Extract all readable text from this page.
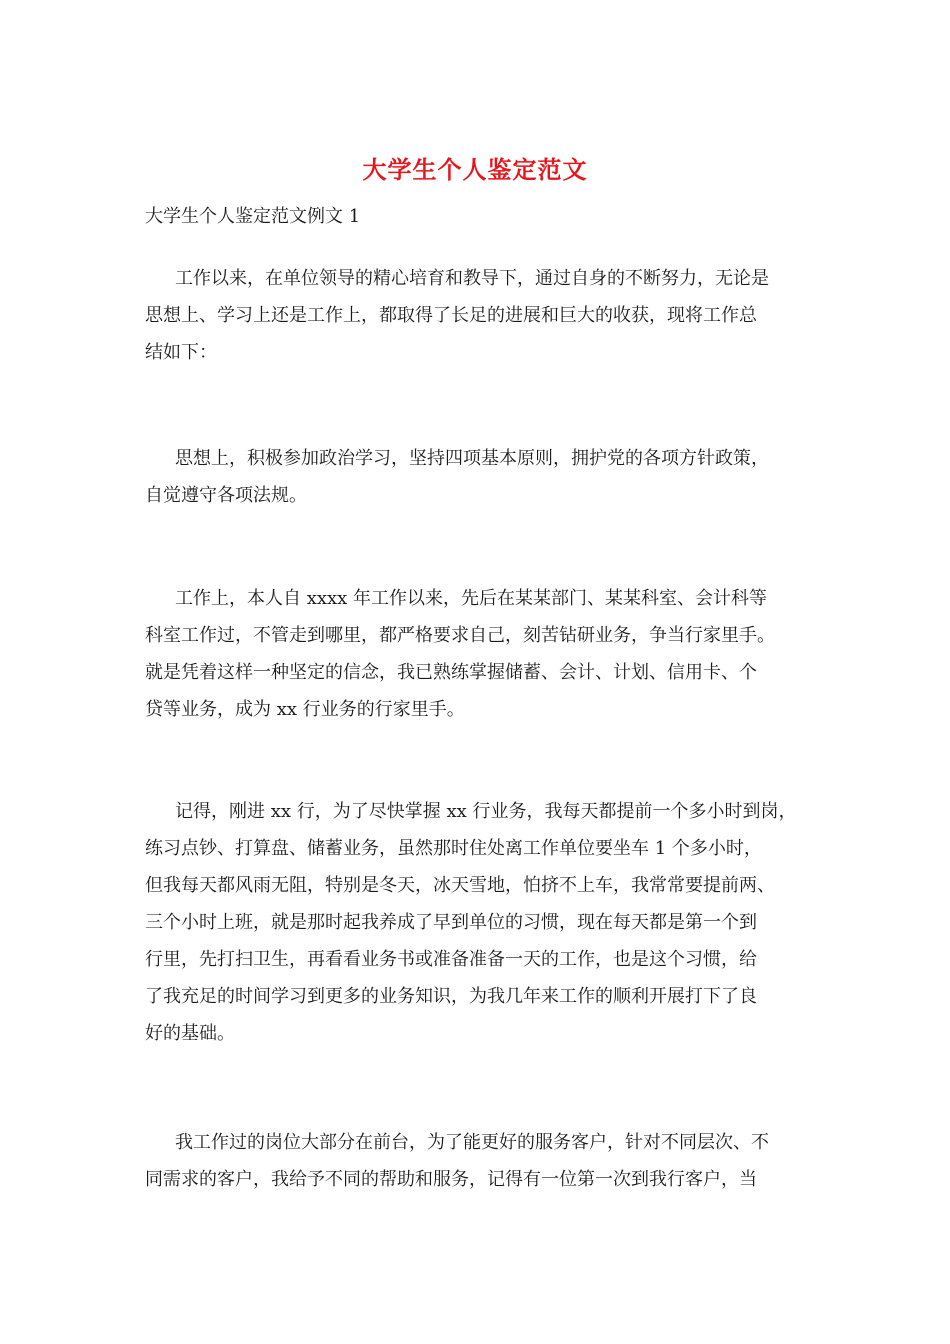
大学生个人鉴定范文

大学生个人鉴定范文例文 1

工作以来，在单位领导的精心培育和教导下，通过自身的不断努力，无论是
思想上、学习上还是工作上，都取得了长足的进展和巨大的收获，现将工作总
结如下：
思想上，积极参加政治学习，坚持四项基本原则，拥护党的各项方针政策，
自觉遵守各项法规。
工作上，本人自 xxxx 年工作以来，先后在某某部门、某某科室、会计科等
科室工作过，不管走到哪里，都严格要求自己，刻苦钻研业务，争当行家里手。
就是凭着这样一种坚定的信念，我已熟练掌握储蓄、会计、计划、信用卡、个
贷等业务，成为 xx 行业务的行家里手。
记得，刚进 xx 行，为了尽快掌握 xx 行业务，我每天都提前一个多小时到岗，
练习点钞、打算盘、储蓄业务，虽然那时住处离工作单位要坐车 1 个多小时，
但我每天都风雨无阻，特别是冬天，冰天雪地，怕挤不上车，我常常要提前两、
三个小时上班，就是那时起我养成了早到单位的习惯，现在每天都是第一个到
行里，先打扫卫生，再看看业务书或准备准备一天的工作，也是这个习惯，给
了我充足的时间学习到更多的业务知识，为我几年来工作的顺利开展打下了良
好的基础。
我工作过的岗位大部分在前台，为了能更好的服务客户，针对不同层次、不
同需求的客户，我给予不同的帮助和服务，记得有一位第一次到我行客户，当
